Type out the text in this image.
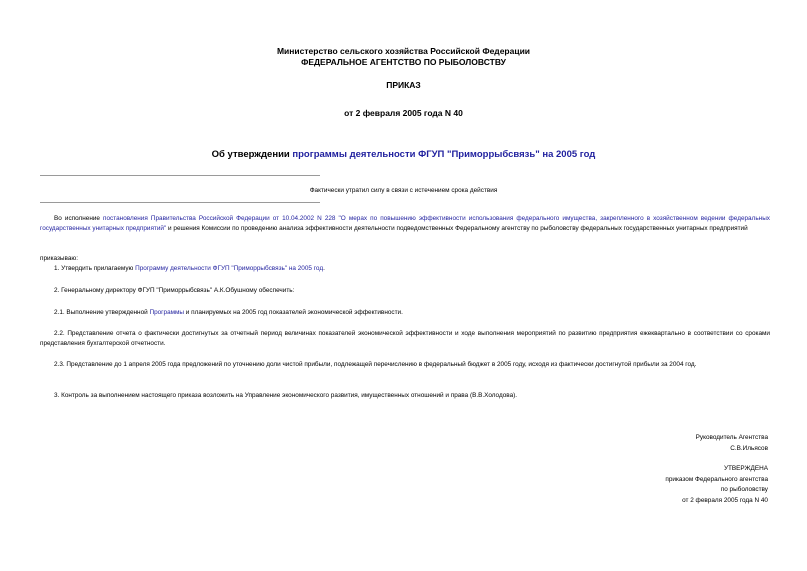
Министерство сельского хозяйства Российской Федерации
ФЕДЕРАЛЬНОЕ АГЕНТСТВО ПО РЫБОЛОВСТВУ
ПРИКАЗ
от 2 февраля 2005 года N 40
Об утверждении программы деятельности ФГУП "Приморрыбсвязь" на 2005 год
Фактически утратил силу в связи с истечением срока действия
Во исполнение постановления Правительства Российской Федерации от 10.04.2002 N 228 "О мерах по повышению эффективности использования федерального имущества, закрепленного в хозяйственном ведении федеральных государственных унитарных предприятий" и решения Комиссии по проведению анализа эффективности деятельности подведомственных Федеральному агентству по рыболовству федеральных государственных унитарных предприятий
приказываю:
1. Утвердить прилагаемую Программу деятельности ФГУП "Приморрыбсвязь" на 2005 год.
2. Генеральному директору ФГУП "Приморрыбсвязь" А.К.Обушному обеспечить:
2.1. Выполнение утвержденной Программы и планируемых на 2005 год показателей экономической эффективности.
2.2. Представление отчета о фактически достигнутых за отчетный период величинах показателей экономической эффективности и ходе выполнения мероприятий по развитию предприятия ежеквартально в соответствии со сроками представления бухгалтерской отчетности.
2.3. Представление до 1 апреля 2005 года предложений по уточнению доли чистой прибыли, подлежащей перечислению в федеральный бюджет в 2005 году, исходя из фактически достигнутой прибыли за 2004 год.
3. Контроль за выполнением настоящего приказа возложить на Управление экономического развития, имущественных отношений и права (В.В.Холодова).
Руководитель Агентства
С.В.Ильясов
УТВЕРЖДЕНА
приказом Федерального агентства
по рыболовству
от 2 февраля 2005 года N 40
